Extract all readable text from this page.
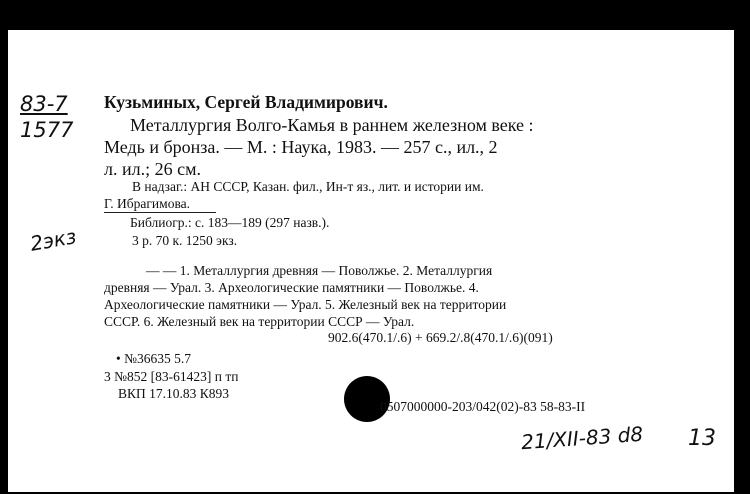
83-7
1577
2экз
Кузьминых, Сергей Владимирович.
Металлургия Волго-Камья в раннем железном веке :
Медь и бронза. — М. : Наука, 1983. — 257 с., ил., 2
л. ил.; 26 см.
В надзаг.: АН СССР, Казан. фил., Ин-т яз., лит. и истории им.
Г. Ибрагимова.
Библиогр.: с. 183—189 (297 назв.).
3 р. 70 к. 1250 экз.
— — 1. Металлургия древняя — Поволжье. 2. Металлургия
древняя — Урал. 3. Археологические памятники — Поволжье. 4.
Археологические памятники — Урал. 5. Железный век на территории
СССР. 6. Железный век на территории СССР — Урал.
902.6(470.1/.6) + 669.2/.8(470.1/.6)(091)
• №36635 5.7
3 №852 [83-61423] п тп
ВКП 17.10.83 К893
0507000000-203/042(02)-83 58-83-II
21/XII-83 d8 13
